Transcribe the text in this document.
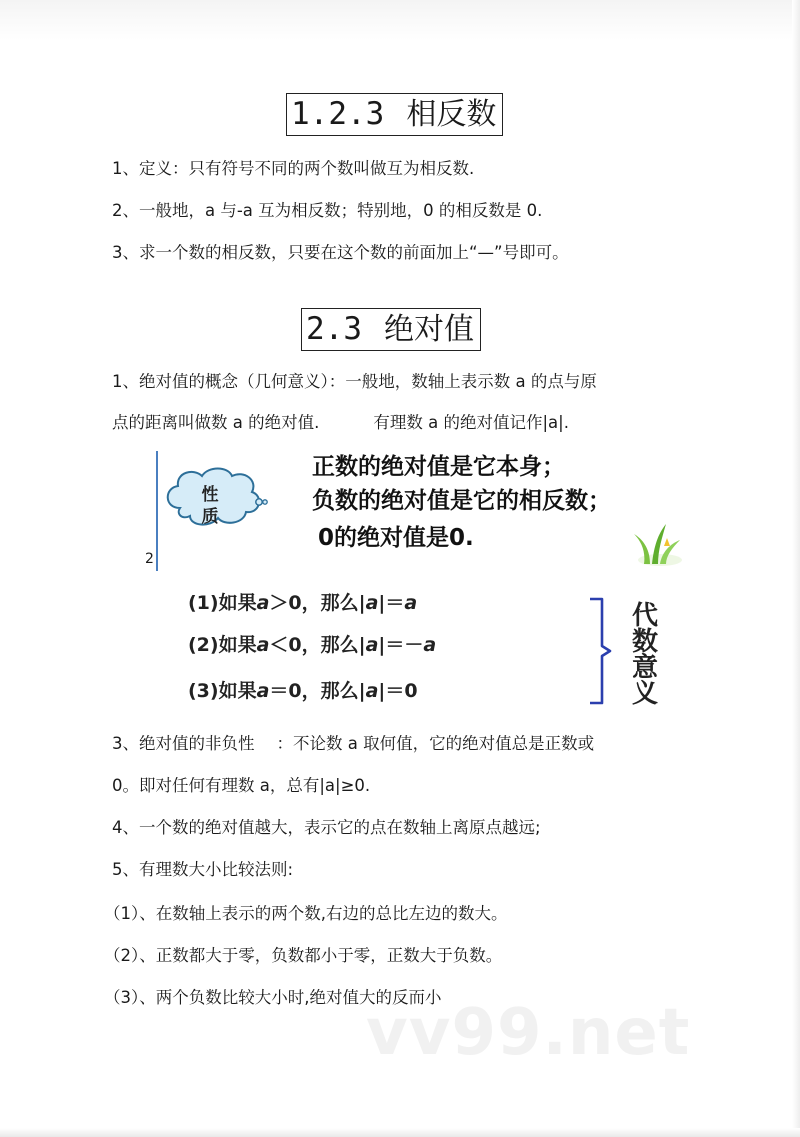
1.2.3 相反数
1、定义：只有符号不同的两个数叫做互为相反数.
2、一般地，a 与-a 互为相反数；特别地，0 的相反数是 0.
3、求一个数的相反数，只要在这个数的前面加上“—”号即可。
2.3 绝对值
1、绝对值的概念（几何意义）：一般地，数轴上表示数 a 的点与原
点的距离叫做数 a 的绝对值.	有理数 a 的绝对值记作|a|.
2
性
质
正数的绝对值是它本身；
负数的绝对值是它的相反数；
0的绝对值是0.
(1)如果a＞0，那么|a|＝a
(2)如果a＜0，那么|a|＝－a
(3)如果a＝0，那么|a|＝0
代
数
意
义
3、绝对值的非负性 ：不论数 a 取何值，它的绝对值总是正数或
0。即对任何有理数 a，总有|a|≥0.
4、一个数的绝对值越大，表示它的点在数轴上离原点越远;
5、有理数大小比较法则:
（1）、在数轴上表示的两个数,右边的总比左边的数大。
（2）、正数都大于零，负数都小于零，正数大于负数。
（3）、两个负数比较大小时,绝对值大的反而小
vv99.net
